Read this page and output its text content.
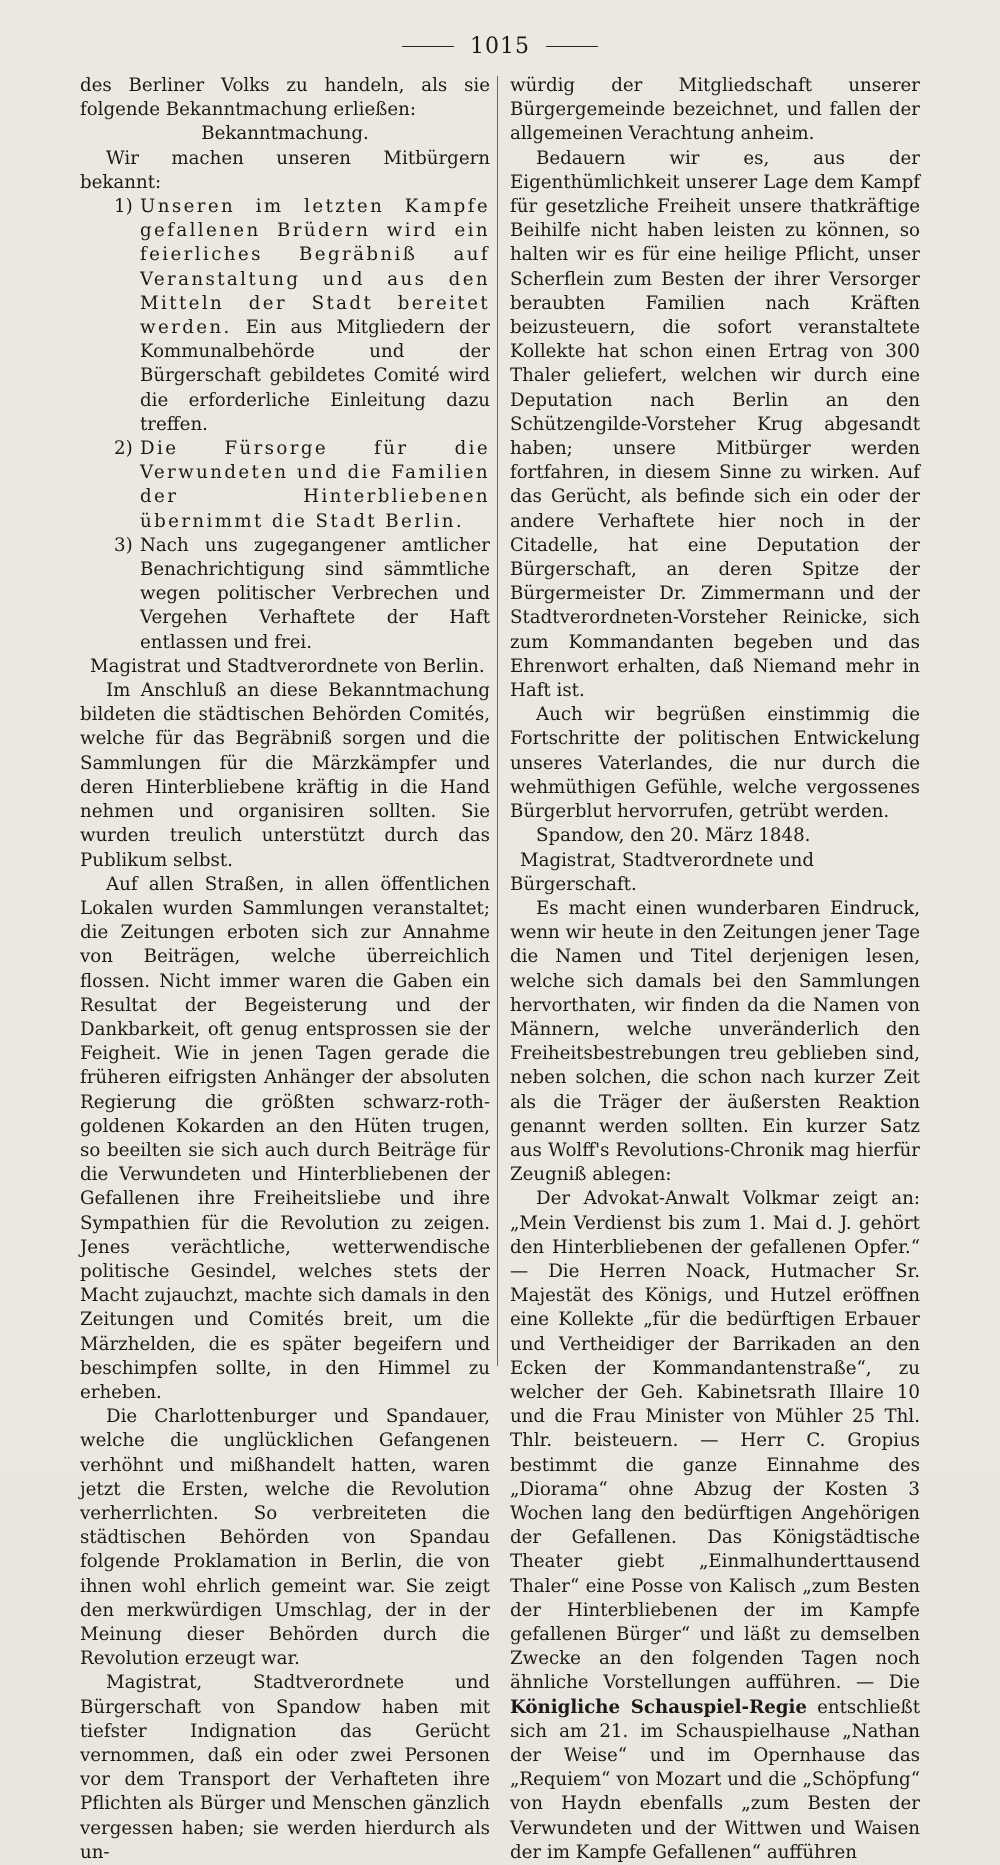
1015

des Berliner Volks zu handeln, als sie folgende Bekanntmachung erließen:

Bekanntmachung.

Wir machen unseren Mitbürgern bekannt:

1) Unseren im letzten Kampfe gefallenen Brüdern wird ein feierliches Begräbniß auf Veranstaltung und aus den Mitteln der Stadt bereitet werden. Ein aus Mitgliedern der Kommunalbehörde und der Bürgerschaft gebildetes Comité wird die erforderliche Einleitung dazu treffen.
2) Die Fürsorge für die Verwundeten und die Familien der Hinterbliebenen übernimmt die Stadt Berlin.
3) Nach uns zugegangener amtlicher Benachrichtigung sind sämmtliche wegen politischer Verbrechen und Vergehen Verhaftete der Haft entlassen und frei.

Magistrat und Stadtverordnete von Berlin.

Im Anschluß an diese Bekanntmachung bildeten die städtischen Behörden Comités, welche für das Begräbniß sorgen und die Sammlungen für die Märzkämpfer und deren Hinterbliebene kräftig in die Hand nehmen und organisiren sollten. Sie wurden treulich unterstützt durch das Publikum selbst.

Auf allen Straßen, in allen öffentlichen Lokalen wurden Sammlungen veranstaltet; die Zeitungen erboten sich zur Annahme von Beiträgen, welche überreichlich flossen. Nicht immer waren die Gaben ein Resultat der Begeisterung und der Dankbarkeit, oft genug entsprossen sie der Feigheit. Wie in jenen Tagen gerade die früheren eifrigsten Anhänger der absoluten Regierung die größten schwarz-roth-goldenen Kokarden an den Hüten trugen, so beeilten sie sich auch durch Beiträge für die Verwundeten und Hinterbliebenen der Gefallenen ihre Freiheitsliebe und ihre Sympathien für die Revolution zu zeigen. Jenes verächtliche, wetterwendische politische Gesindel, welches stets der Macht zujauchzt, machte sich damals in den Zeitungen und Comités breit, um die Märzhelden, die es später begeifern und beschimpfen sollte, in den Himmel zu erheben.

Die Charlottenburger und Spandauer, welche die unglücklichen Gefangenen verhöhnt und mißhandelt hatten, waren jetzt die Ersten, welche die Revolution verherrlichten. So verbreiteten die städtischen Behörden von Spandau folgende Proklamation in Berlin, die von ihnen wohl ehrlich gemeint war. Sie zeigt den merkwürdigen Umschlag, der in der Meinung dieser Behörden durch die Revolution erzeugt war.

Magistrat, Stadtverordnete und Bürgerschaft von Spandow haben mit tiefster Indignation das Gerücht vernommen, daß ein oder zwei Personen vor dem Transport der Verhafteten ihre Pflichten als Bürger und Menschen gänzlich vergessen haben; sie werden hierdurch als un-

würdig der Mitgliedschaft unserer Bürgergemeinde bezeichnet, und fallen der allgemeinen Verachtung anheim.

Bedauern wir es, aus der Eigenthümlichkeit unserer Lage dem Kampf für gesetzliche Freiheit unsere thatkräftige Beihilfe nicht haben leisten zu können, so halten wir es für eine heilige Pflicht, unser Scherflein zum Besten der ihrer Versorger beraubten Familien nach Kräften beizusteuern, die sofort veranstaltete Kollekte hat schon einen Ertrag von 300 Thaler geliefert, welchen wir durch eine Deputation nach Berlin an den Schützengilde-Vorsteher Krug abgesandt haben; unsere Mitbürger werden fortfahren, in diesem Sinne zu wirken. Auf das Gerücht, als befinde sich ein oder der andere Verhaftete hier noch in der Citadelle, hat eine Deputation der Bürgerschaft, an deren Spitze der Bürgermeister Dr. Zimmermann und der Stadtverordneten-Vorsteher Reinicke, sich zum Kommandanten begeben und das Ehrenwort erhalten, daß Niemand mehr in Haft ist.

Auch wir begrüßen einstimmig die Fortschritte der politischen Entwickelung unseres Vaterlandes, die nur durch die wehmüthigen Gefühle, welche vergossenes Bürgerblut hervorrufen, getrübt werden.

Spandow, den 20. März 1848.

Magistrat, Stadtverordnete und Bürgerschaft.

Es macht einen wunderbaren Eindruck, wenn wir heute in den Zeitungen jener Tage die Namen und Titel derjenigen lesen, welche sich damals bei den Sammlungen hervorthaten, wir finden da die Namen von Männern, welche unveränderlich den Freiheitsbestrebungen treu geblieben sind, neben solchen, die schon nach kurzer Zeit als die Träger der äußersten Reaktion genannt werden sollten. Ein kurzer Satz aus Wolff's Revolutions-Chronik mag hierfür Zeugniß ablegen:

Der Advokat-Anwalt Volkmar zeigt an: „Mein Verdienst bis zum 1. Mai d. J. gehört den Hinterbliebenen der gefallenen Opfer.“ — Die Herren Noack, Hutmacher Sr. Majestät des Königs, und Hutzel eröffnen eine Kollekte „für die bedürftigen Erbauer und Vertheidiger der Barrikaden an den Ecken der Kommandantenstraße“, zu welcher der Geh. Kabinetsrath Illaire 10 und die Frau Minister von Mühler 25 Thl. Thlr. beisteuern. — Herr C. Gropius bestimmt die ganze Einnahme des „Diorama“ ohne Abzug der Kosten 3 Wochen lang den bedürftigen Angehörigen der Gefallenen. Das Königstädtische Theater giebt „Einmalhunderttausend Thaler“ eine Posse von Kalisch „zum Besten der Hinterbliebenen der im Kampfe gefallenen Bürger“ und läßt zu demselben Zwecke an den folgenden Tagen noch ähnliche Vorstellungen aufführen. — Die Königliche Schauspiel-Regie entschließt sich am 21. im Schauspielhause „Nathan der Weise“ und im Opernhause das „Requiem“ von Mozart und die „Schöpfung“ von Haydn ebenfalls „zum Besten der Verwundeten und der Wittwen und Waisen der im Kampfe Gefallenen“ aufführen
